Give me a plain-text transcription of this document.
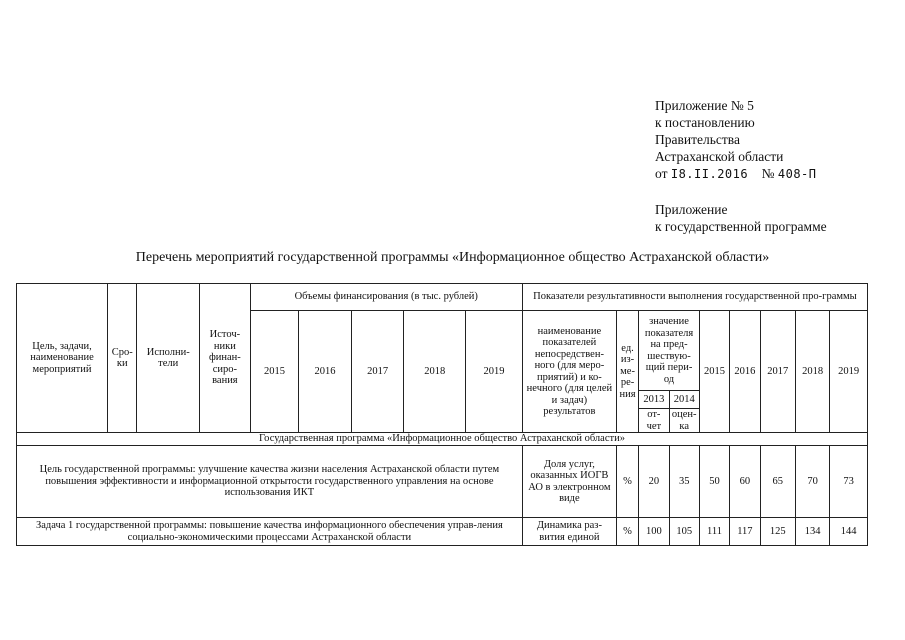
Приложение № 5
к постановлению
Правительства
Астраханской области
от I8.II.2016 № 408-П
Приложение
к государственной программе
Перечень мероприятий государственной программы «Информационное общество Астраханской области»
Цель, задачи, наименование мероприятий	Сро-ки	Исполни-тели	Источ-ники финан-сиро-вания	Объемы финансирования (в тыс. рублей)					Показатели результативности выполнения государственной про-граммы								
				2015	2016	2017	2018	2019	наименование показателей непосредствен-ного (для меро-приятий) и ко-нечного (для целей и задач) результатов	ед. из-ме-ре-ния	значение показателя на пред-шествую-щий пери-од		2015	2016	2017	2018	2019
											2013	2014					
											от-чет	оцен-ка					
Государственная программа «Информационное общество Астраханской области»																	
Цель государственной программы: улучшение качества жизни населения Астраханской области путем повышения эффективности и информационной открытости государственного управления на основе использования ИКТ									Доля услуг, оказанных ИОГВ АО в электронном виде	%	20	35	50	60	65	70	73
Задача 1 государственной программы: повышение качества информационного обеспечения управ-ления социально-экономическими процессами Астраханской области									Динамика раз-вития единой	%	100	105	111	117	125	134	144
